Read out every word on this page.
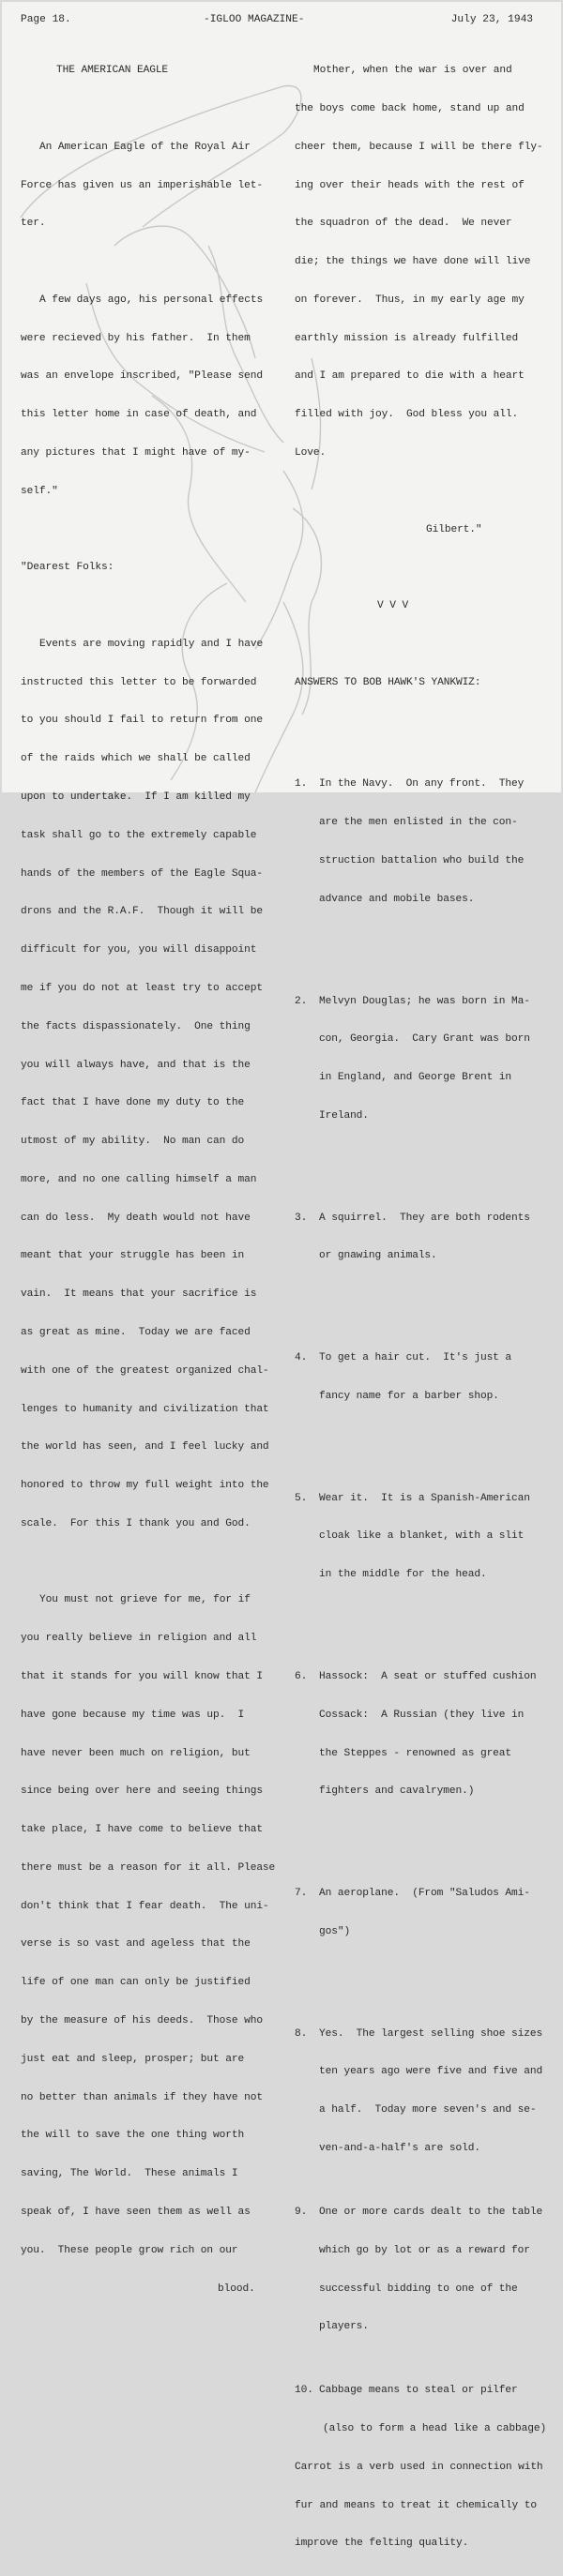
Page 18.	-IGLOO MAGAZINE-	July 23, 1943

THE AMERICAN EAGLE

An American Eagle of the Royal Air

Force has given us an imperishable let-

ter.

A few days ago, his personal effects

were recieved by his father.  In them

was an envelope inscribed, "Please send

this letter home in case of death, and

any pictures that I might have of my-

self."

"Dearest Folks:

Events are moving rapidly and I have

instructed this letter to be forwarded

to you should I fail to return from one

of the raids which we shall be called

upon to undertake.  If I am killed my

task shall go to the extremely capable

hands of the members of the Eagle Squa-

drons and the R.A.F.  Though it will be

difficult for you, you will disappoint

me if you do not at least try to accept

the facts dispassionately.  One thing

you will always have, and that is the

fact that I have done my duty to the

utmost of my ability.  No man can do

more, and no one calling himself a man

can do less.  My death would not have

meant that your struggle has been in

vain.  It means that your sacrifice is

as great as mine.  Today we are faced

with one of the greatest organized chal-

lenges to humanity and civilization that

the world has seen, and I feel lucky and

honored to throw my full weight into the

scale.  For this I thank you and God.

You must not grieve for me, for if

you really believe in religion and all

that it stands for you will know that I

have gone because my time was up.  I

have never been much on religion, but

since being over here and seeing things

take place, I have come to believe that

there must be a reason for it all. Please

don't think that I fear death.  The uni-

verse is so vast and ageless that the

life of one man can only be justified

by the measure of his deeds.  Those who

just eat and sleep, prosper; but are

no better than animals if they have not

the will to save the one thing worth

saving, The World.  These animals I

speak of, I have seen them as well as

you.  These people grow rich on our

blood.

Mother, when the war is over and

the boys come back home, stand up and

cheer them, because I will be there fly-

ing over their heads with the rest of

the squadron of the dead.  We never

die; the things we have done will live

on forever.  Thus, in my early age my

earthly mission is already fulfilled

and I am prepared to die with a heart

filled with joy.  God bless you all.

Love.

Gilbert."

V V V

ANSWERS TO BOB HAWK'S YANKWIZ:

1. In the Navy.  On any front.  They

are the men enlisted in the con-

struction battalion who build the

advance and mobile bases.

2. Melvyn Douglas; he was born in Ma-

con, Georgia.  Cary Grant was born

in England, and George Brent in

Ireland.

3. A squirrel.  They are both rodents

or gnawing animals.

4. To get a hair cut.  It's just a

fancy name for a barber shop.

5. Wear it.  It is a Spanish-American

cloak like a blanket, with a slit

in the middle for the head.

6. Hassock:  A seat or stuffed cushion

Cossack:  A Russian (they live in

the Steppes - renowned as great

fighters and cavalrymen.)

7. An aeroplane.  (From "Saludos Ami-

gos")

8. Yes.  The largest selling shoe sizes

ten years ago were five and five and

a half.  Today more seven's and se-

ven-and-a-half's are sold.

9. One or more cards dealt to the table

which go by lot or as a reward for

successful bidding to one of the

players.

10. Cabbage means to steal or pilfer

(also to form a head like a cabbage)

Carrot is a verb used in connection with

fur and means to treat it chemically to

improve the felting quality.
